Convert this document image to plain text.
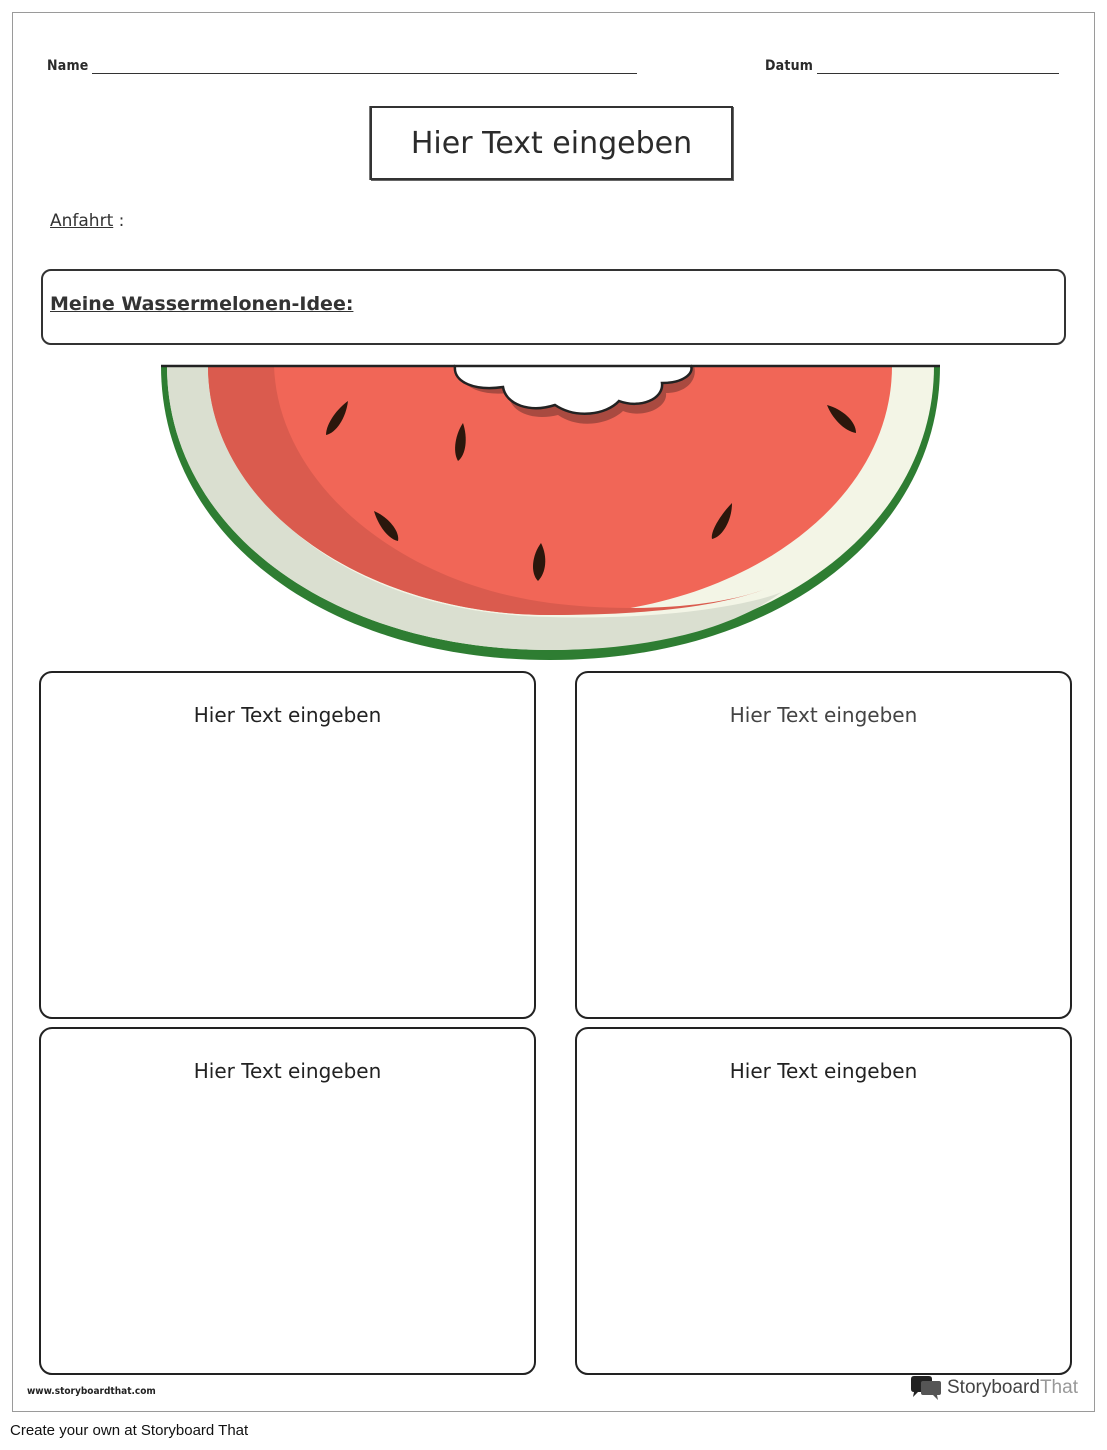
Name	Datum
Hier Text eingeben
Anfahrt :
Meine Wassermelonen-Idee:
Hier Text eingeben	Hier Text eingeben
Hier Text eingeben	Hier Text eingeben
www.storyboardthat.com	StoryboardThat
Create your own at Storyboard That
